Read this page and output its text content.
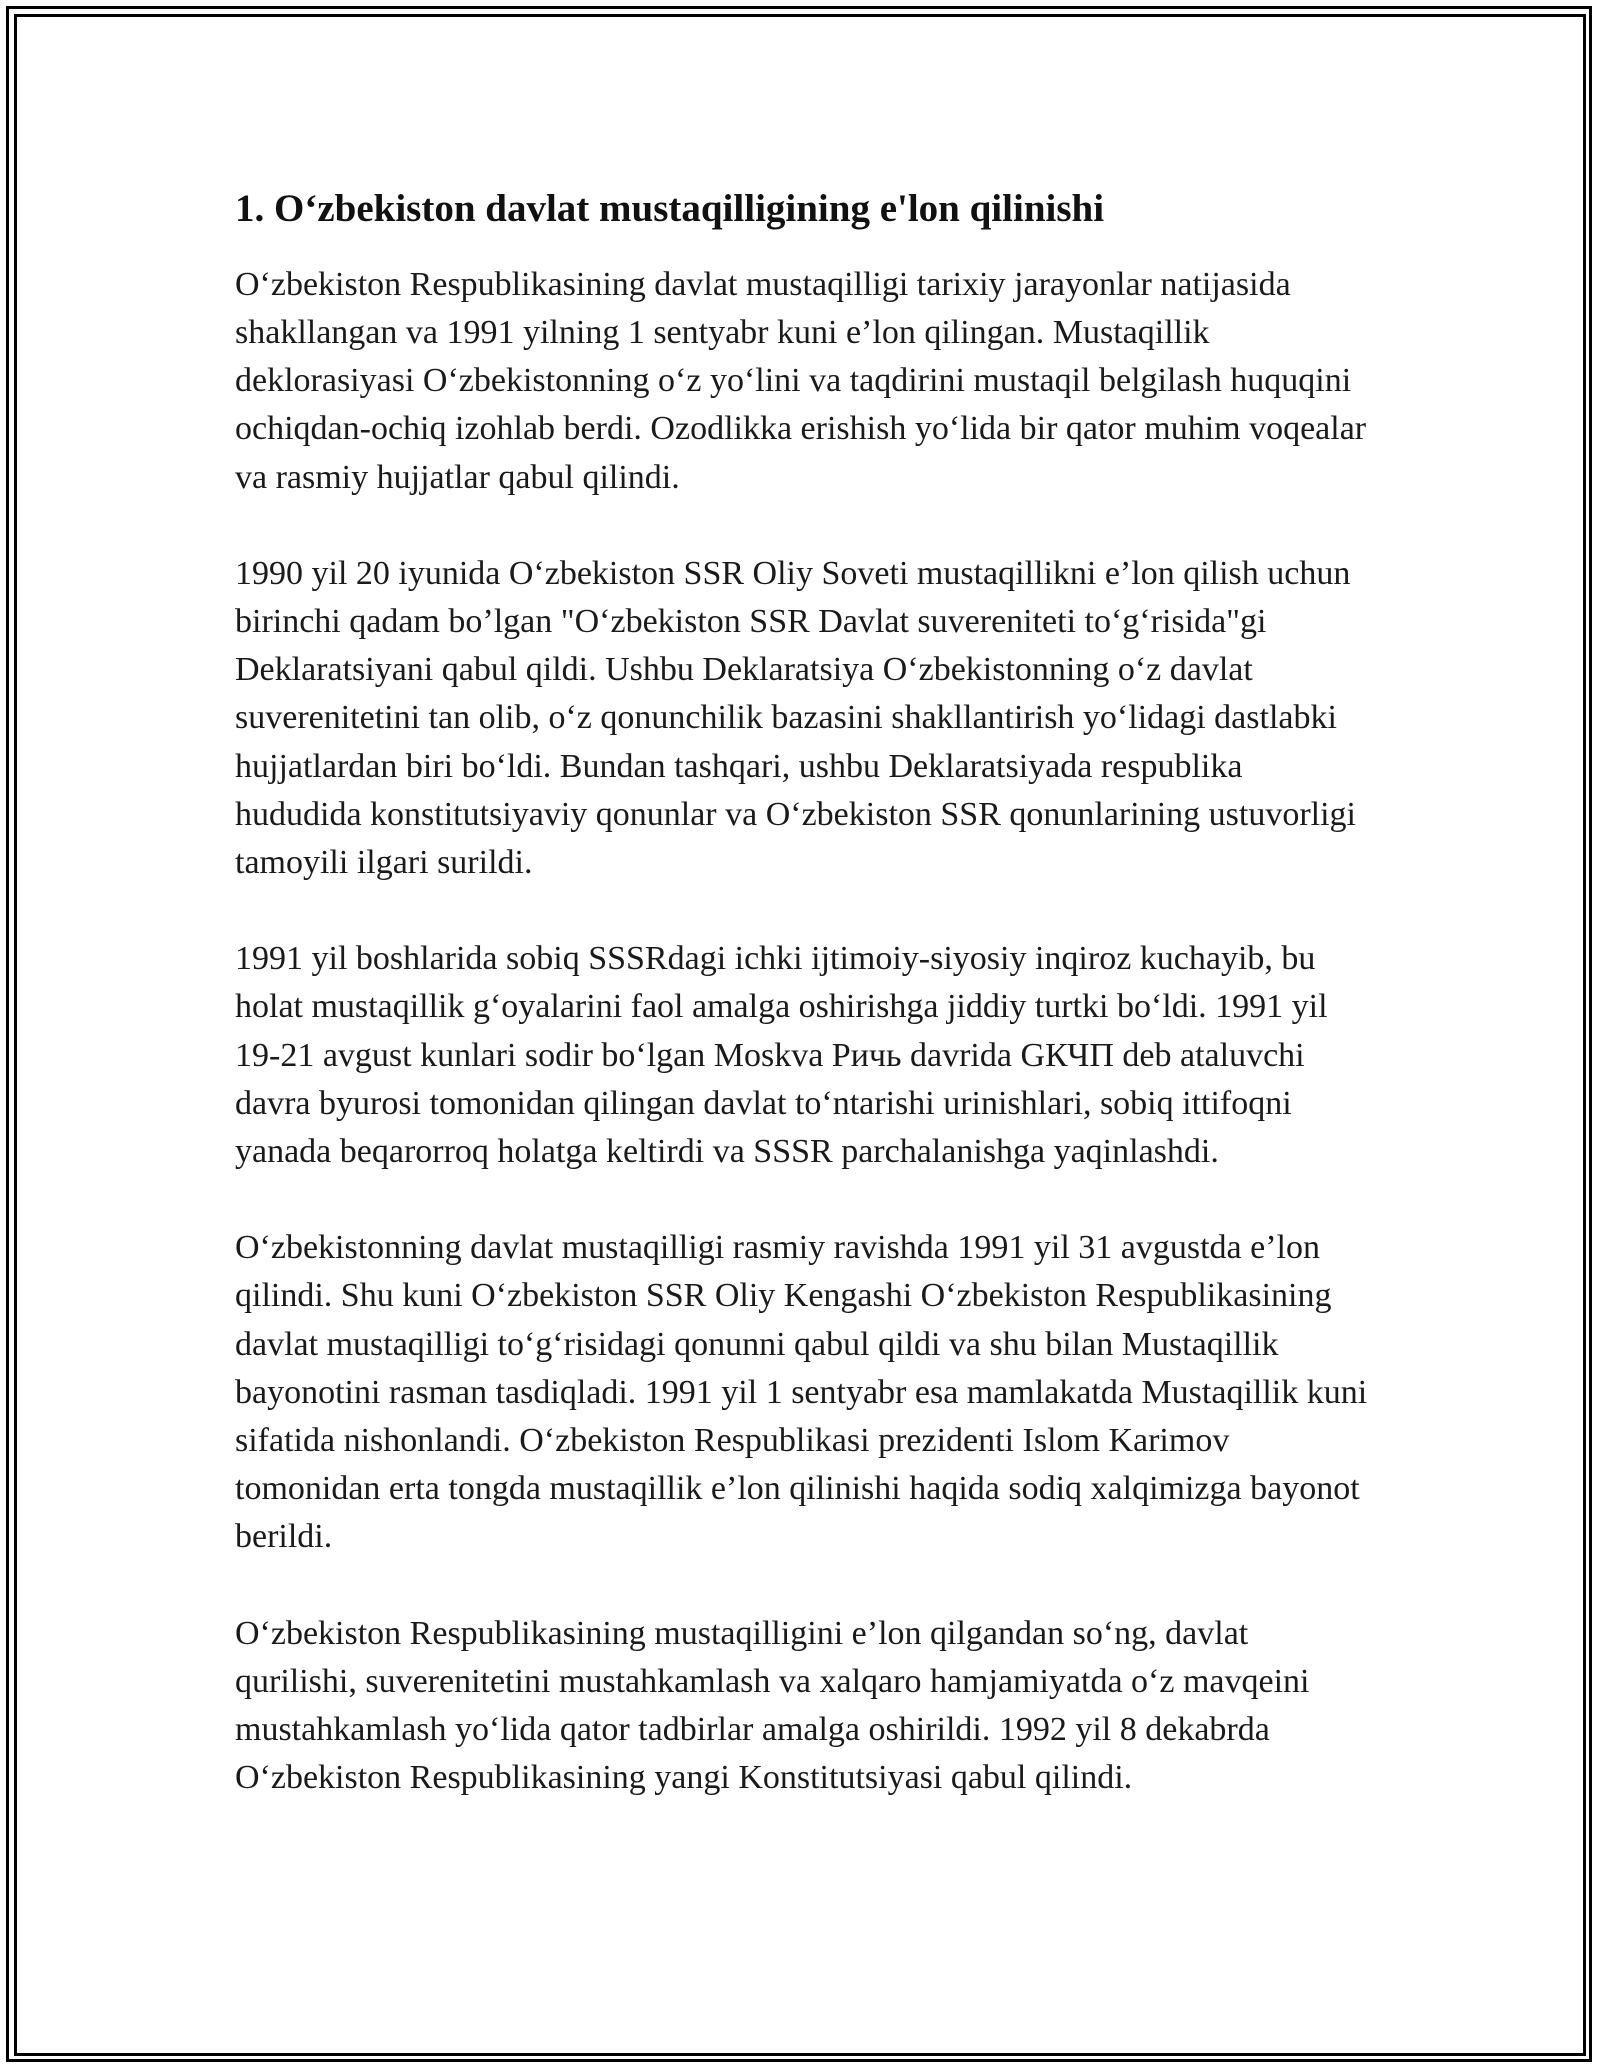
1. O‘zbekiston davlat mustaqilligining e'lon qilinishi

O‘zbekiston Respublikasining davlat mustaqilligi tarixiy jarayonlar natijasida shakllangan va 1991 yilning 1 sentyabr kuni e’lon qilingan. Mustaqillik deklorasiyasi O‘zbekistonning o‘z yo‘lini va taqdirini mustaqil belgilash huquqini ochiqdan-ochiq izohlab berdi. Ozodlikka erishish yo‘lida bir qator muhim voqealar va rasmiy hujjatlar qabul qilindi.

1990 yil 20 iyunida O‘zbekiston SSR Oliy Soveti mustaqillikni e’lon qilish uchun birinchi qadam bo’lgan "O‘zbekiston SSR Davlat suvereniteti to‘g‘risida"gi Deklaratsiyani qabul qildi. Ushbu Deklaratsiya O‘zbekistonning o‘z davlat suverenitetini tan olib, o‘z qonunchilik bazasini shakllantirish yo‘lidagi dastlabki hujjatlardan biri bo‘ldi. Bundan tashqari, ushbu Deklaratsiyada respublika hududida konstitutsiyaviy qonunlar va O‘zbekiston SSR qonunlarining ustuvorligi tamoyili ilgari surildi.

1991 yil boshlarida sobiq SSSRdagi ichki ijtimoiy-siyosiy inqiroz kuchayib, bu holat mustaqillik g‘oyalarini faol amalga oshirishga jiddiy turtki bo‘ldi. 1991 yil 19-21 avgust kunlari sodir bo‘lgan Moskva Ричь davrida GКЧП deb ataluvchi davra byurosi tomonidan qilingan davlat to‘ntarishi urinishlari, sobiq ittifoqni yanada beqarorroq holatga keltirdi va SSSR parchalanishga yaqinlashdi.

O‘zbekistonning davlat mustaqilligi rasmiy ravishda 1991 yil 31 avgustda e’lon qilindi. Shu kuni O‘zbekiston SSR Oliy Kengashi O‘zbekiston Respublikasining davlat mustaqilligi to‘g‘risidagi qonunni qabul qildi va shu bilan Mustaqillik bayonotini rasman tasdiqladi. 1991 yil 1 sentyabr esa mamlakatda Mustaqillik kuni sifatida nishonlandi. O‘zbekiston Respublikasi prezidenti Islom Karimov tomonidan erta tongda mustaqillik e’lon qilinishi haqida sodiq xalqimizga bayonot berildi.

O‘zbekiston Respublikasining mustaqilligini e’lon qilgandan so‘ng, davlat qurilishi, suverenitetini mustahkamlash va xalqaro hamjamiyatda o‘z mavqeini mustahkamlash yo‘lida qator tadbirlar amalga oshirildi. 1992 yil 8 dekabrda O‘zbekiston Respublikasining yangi Konstitutsiyasi qabul qilindi.
